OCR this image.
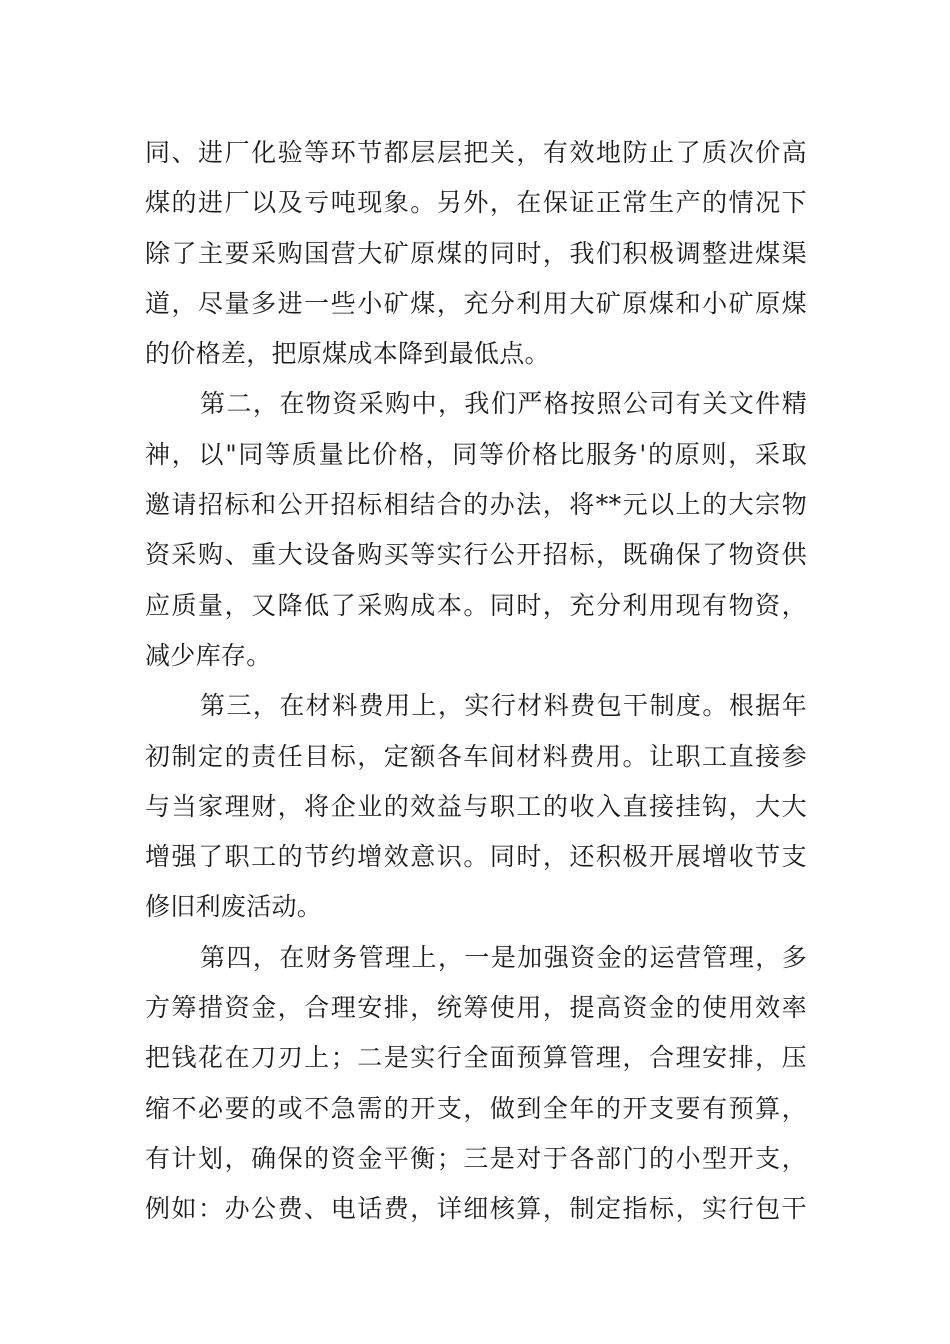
同、进厂化验等环节都层层把关，有效地防止了质次价高
煤的进厂以及亏吨现象。另外，在保证正常生产的情况下
除了主要采购国营大矿原煤的同时，我们积极调整进煤渠
道，尽量多进一些小矿煤，充分利用大矿原煤和小矿原煤
的价格差，把原煤成本降到最低点。
第二，在物资采购中，我们严格按照公司有关文件精
神，以"同等质量比价格，同等价格比服务'的原则，采取
邀请招标和公开招标相结合的办法，将**元以上的大宗物
资采购、重大设备购买等实行公开招标，既确保了物资供
应质量，又降低了采购成本。同时，充分利用现有物资，
减少库存。
第三，在材料费用上，实行材料费包干制度。根据年
初制定的责任目标，定额各车间材料费用。让职工直接参
与当家理财，将企业的效益与职工的收入直接挂钩，大大
增强了职工的节约增效意识。同时，还积极开展增收节支
修旧利废活动。
第四，在财务管理上，一是加强资金的运营管理，多
方筹措资金，合理安排，统筹使用，提高资金的使用效率
把钱花在刀刃上；二是实行全面预算管理，合理安排，压
缩不必要的或不急需的开支，做到全年的开支要有预算，
有计划，确保的资金平衡；三是对于各部门的小型开支，
例如：办公费、电话费，详细核算，制定指标，实行包干
